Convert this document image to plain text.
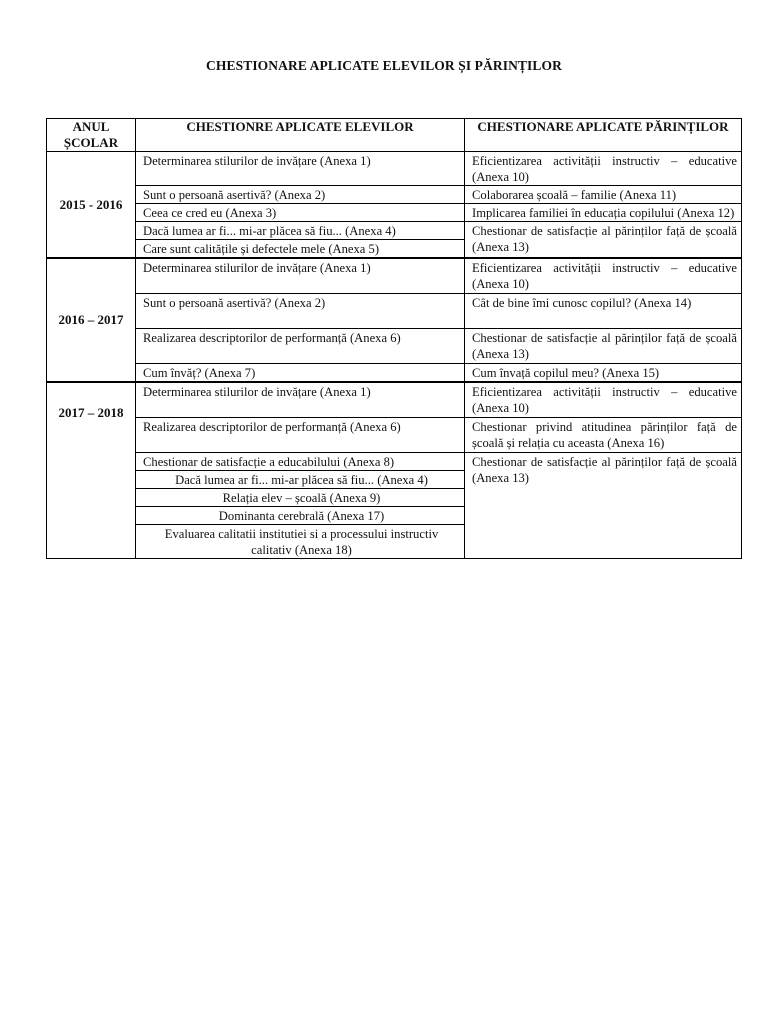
CHESTIONARE APLICATE ELEVILOR ȘI PĂRINȚILOR
ANUL ȘCOLAR	CHESTIONRE APLICATE ELEVILOR	CHESTIONARE APLICATE PĂRINȚILOR
2015 - 2016	Determinarea stilurilor de invățare (Anexa 1)	Eficientizarea activității instructiv – educative (Anexa 10)
	Sunt o persoană asertivă? (Anexa 2)	Colaborarea școală – familie (Anexa 11)
	Ceea ce cred eu (Anexa 3)	Implicarea familiei în educația copilului (Anexa 12)
	Dacă lumea ar fi... mi-ar plăcea să fiu... (Anexa 4)	Chestionar de satisfacție al părinților față de școală (Anexa 13)
	Care sunt calitățile și defectele mele (Anexa 5)	
2016 – 2017	Determinarea stilurilor de invățare (Anexa 1)	Eficientizarea activității instructiv – educative (Anexa 10)
	Sunt o persoană asertivă? (Anexa 2)	Cât de bine îmi cunosc copilul? (Anexa 14)
	Realizarea descriptorilor de performanță (Anexa 6)	Chestionar de satisfacție al părinților față de școală (Anexa 13)
	Cum învăț? (Anexa 7)	Cum învață copilul meu? (Anexa 15)
2017 – 2018	Determinarea stilurilor de invățare (Anexa 1)	Eficientizarea activității instructiv – educative (Anexa 10)
	Realizarea descriptorilor de performanță (Anexa 6)	Chestionar privind atitudinea părinților față de școală și relația cu aceasta (Anexa 16)
	Chestionar de satisfacție a educabilului (Anexa 8)	Chestionar de satisfacție al părinților față de școală (Anexa 13)
	Dacă lumea ar fi... mi-ar plăcea să fiu... (Anexa 4)	
	Relația elev – școală (Anexa 9)	
	Dominanta cerebrală (Anexa 17)	
	Evaluarea calitatii institutiei si a processului instructiv calitativ (Anexa 18)	
